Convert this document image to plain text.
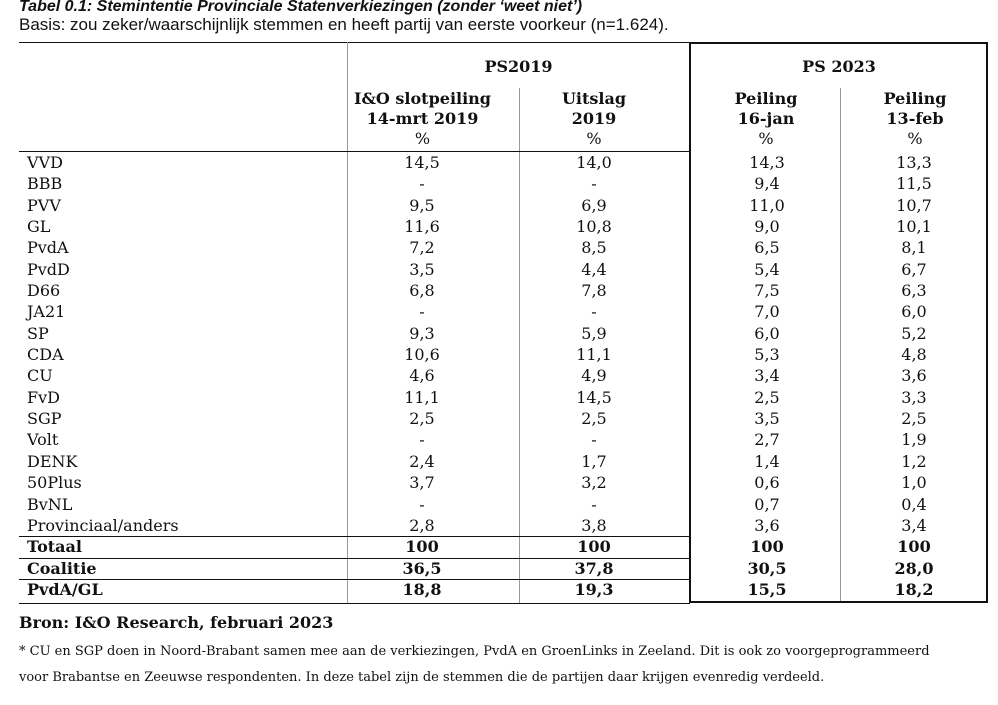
Tabel 0.1: Stemintentie Provinciale Statenverkiezingen (zonder ‘weet niet’)
Basis: zou zeker/waarschijnlijk stemmen en heeft partij van eerste voorkeur (n=1.624).
PS2019	PS 2023
I&O slotpeiling
14-mrt 2019
%
Uitslag
2019
%
Peiling
16-jan
%
Peiling
13-feb
%
VVD	14,5	14,0	14,3	13,3
BBB	-	-	9,4	11,5
PVV	9,5	6,9	11,0	10,7
GL	11,6	10,8	9,0	10,1
PvdA	7,2	8,5	6,5	8,1
PvdD	3,5	4,4	5,4	6,7
D66	6,8	7,8	7,5	6,3
JA21	-	-	7,0	6,0
SP	9,3	5,9	6,0	5,2
CDA	10,6	11,1	5,3	4,8
CU	4,6	4,9	3,4	3,6
FvD	11,1	14,5	2,5	3,3
SGP	2,5	2,5	3,5	2,5
Volt	-	-	2,7	1,9
DENK	2,4	1,7	1,4	1,2
50Plus	3,7	3,2	0,6	1,0
BvNL	-	-	0,7	0,4
Provinciaal/anders	2,8	3,8	3,6	3,4
Totaal	100	100	100	100
Coalitie	36,5	37,8	30,5	28,0
PvdA/GL	18,8	19,3	15,5	18,2
Bron: I&O Research, februari 2023
* CU en SGP doen in Noord-Brabant samen mee aan de verkiezingen, PvdA en GroenLinks in Zeeland. Dit is ook zo voorgeprogrammeerd
voor Brabantse en Zeeuwse respondenten. In deze tabel zijn de stemmen die de partijen daar krijgen evenredig verdeeld.
